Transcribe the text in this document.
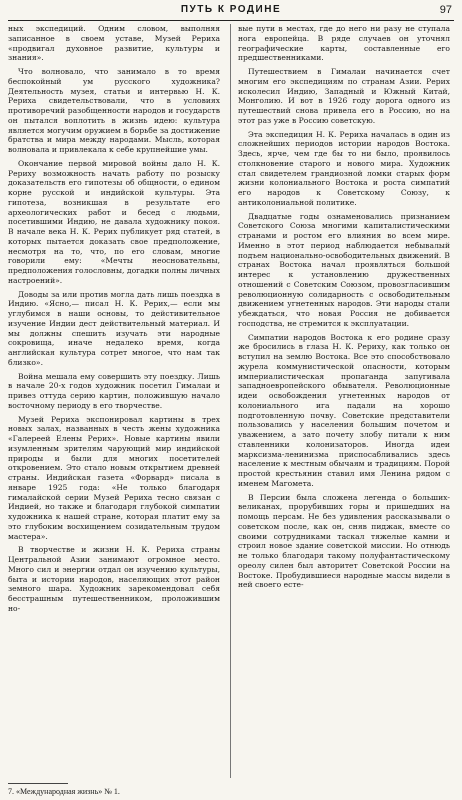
ПУТЬ К РОДИНЕ	97

ных экспедиций. Одним словом, выполняя записанное в своем уставе, Музей Рериха «продвигал духовное развитие, культуры и знания».

Что волновало, что занимало в то время беспокойный ум русского художника? Деятельность музея, статьи и интервью Н. К. Рериха свидетельствовали, что в условиях противоречий разобщенности народов и государств он пытался воплотить в жизнь идею: культура является могучим оружием в борьбе за достижение братства и мира между народами. Мысль, которая волновала и привлекала к себе крупнейшие умы.

Окончание первой мировой войны дало Н. К. Рериху возможность начать работу по розыску доказательств его гипотезы об общности, о едином корне русской и индийской культуры. Эта гипотеза, возникшая в результате его археологических работ и бесед с людьми, посетившими Индию, не давала художнику покоя. В начале века Н. К. Рерих публикует ряд статей, в которых пытается доказать свое предположение, несмотря на то, что, по его словам, многие говорили ему: «Мечты неосновательны, предположения голословны, догадки полны личных настроений».

Доводы за или против могла дать лишь поездка в Индию. «Ясно,— писал Н. К. Рерих,— если мы углубимся в наши основы, то дейстивительное изучение Индии дест действительный материал. И мы должны спешить изучать эти народные сокровища, иначе недалеко время, когда английская культура сотрет многое, что нам так близко».

Война мешала ему совершить эту поездку. Лишь в начале 20-х годов художник посетил Гималаи и привез оттуда серию картин, положившую начало восточному периоду в его творчестве.

Музей Рериха экспонировал картины в трех новых залах, названных в честь жены художника «Галереей Елены Рерих». Новые картины явили изумленным зрителям чарующий мир индийской природы и были для многих посетителей откровением. Это стало новым открытием древней страны. Индийская газета «Форвард» писала в январе 1925 года: «Не только благодаря гималайской серии Музей Рериха тесно связан с Индией, но также и благодаря глубокой симпатии художника к нашей стране, которая платит ему за это глубоким восхищением созидательным трудом мастера».

В творчестве и жизни Н. К. Рериха страны Центральной Азии занимают огромное место. Много сил и энергии отдал он изучению культуры, быта и истории народов, населяющих этот район земного шара. Художник зарекомендовал себя бесстрашным путешественником, проложившим но-

вые пути в местах, где до него ни разу не ступала нога европейца. В ряде случаев он уточнял географические карты, составленные его предшественниками.

Путешествием в Гималаи начинается счет многим его экспедициям по странам Азии. Рерих исколесил Индию, Западный и Южный Китай, Монголию. И вот в 1926 году дорога одного из путешествий снова привела его в Россию, но на этот раз уже в Россию советскую.

Эта экспедиция Н. К. Рериха началась в один из сложнейших периодов истории народов Востока. Здесь, ярче, чем где бы то ни было, проявилось столкновение старого и нового мира. Художник стал свидетелем грандиозной ломки старых форм жизни колониального Востока и роста симпатий его народов к Советскому Союзу, к антиколониальной политике.

Двадцатые годы ознаменовались признанием Советского Союза многими капиталистическими странами и ростом его влияния во всем мире. Именно в этот период наблюдается небывалый подъем национально-освободительных движений. В странах Востока начал проявляться большой интерес к установлению дружественных отношений с Советским Союзом, провозгласившим революционную солидарность с освободительным движением угнетенных народов. Эти народы стали убеждаться, что новая Россия не добивается господства, не стремится к эксплуатации.

Симпатии народов Востока к его родине сразу же бросились в глаза Н. К. Рериху, как только он вступил на землю Востока. Все это способствовало журела коммунистической опасности, которым империалистическая пропаганда запугивала западноевропейского обывателя. Революционные идеи освобождения угнетенных народов от колониального ига падали на хорошо подготовленную почву. Советские представители пользовались у населения большим почетом и уважением, а зато почету злобу питали к ним ставленники колонизаторов. Иногда идеи марксизма-ленинизма приспосабливались здесь население к местным обычаям и традициям. Порой простой крестьянин ставил имя Ленина рядом с именем Магомета.

В Персии была сложена легенда о больших-великанах, прорубивших горы и пришедших на помощь персам. Не без удивления рассказывали о советском после, как он, сняв пиджак, вместе со своими сотрудниками таскал тяжелые камни и строил новое здание советской миссии. Но отнюдь не только благодаря такому полуфантастическому ореолу силен был авторитет Советской России на Востоке. Пробудившиеся народные массы видели в ней своего есте-

7. «Международная жизнь» № 1.
